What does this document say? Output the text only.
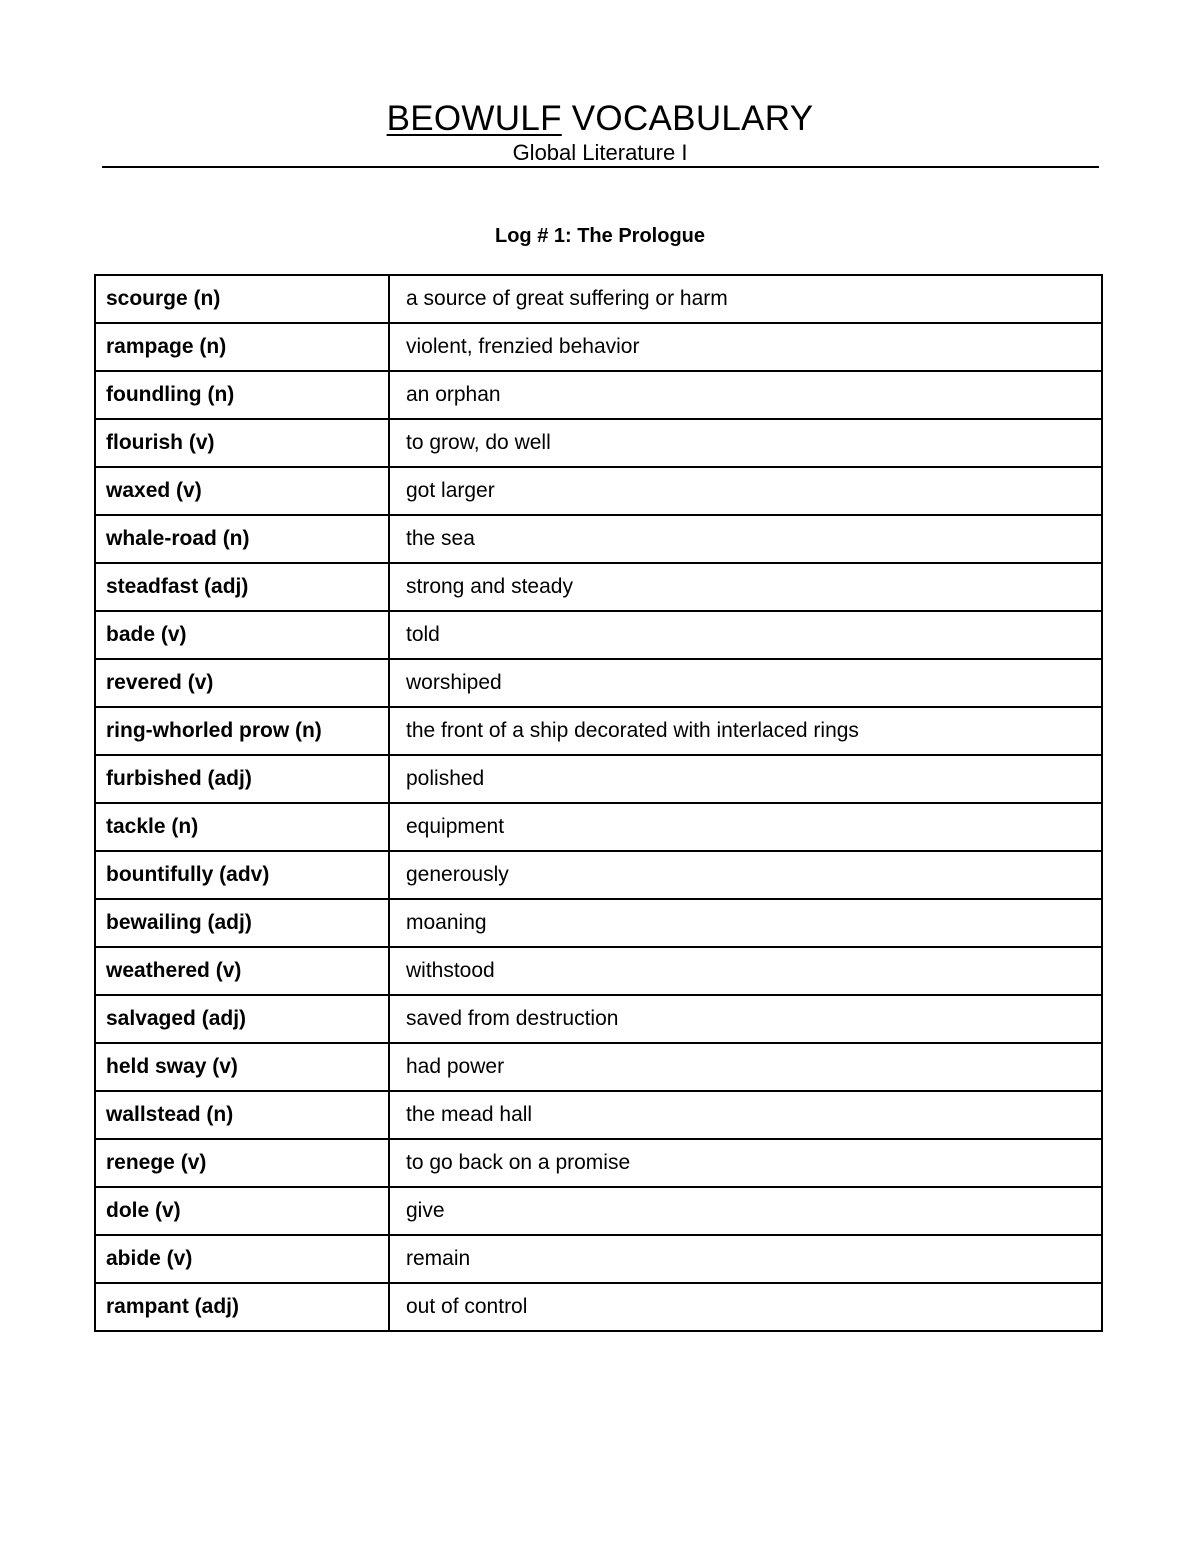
BEOWULF VOCABULARY
Global Literature I
Log # 1: The Prologue
scourge (n)	a source of great suffering or harm
rampage (n)	violent, frenzied behavior
foundling (n)	an orphan
flourish (v)	to grow, do well
waxed (v)	got larger
whale-road (n)	the sea
steadfast (adj)	strong and steady
bade (v)	told
revered (v)	worshiped
ring-whorled prow (n)	the front of a ship decorated with interlaced rings
furbished (adj)	polished
tackle (n)	equipment
bountifully (adv)	generously
bewailing (adj)	moaning
weathered (v)	withstood
salvaged (adj)	saved from destruction
held sway (v)	had power
wallstead (n)	the mead hall
renege (v)	to go back on a promise
dole (v)	give
abide (v)	remain
rampant (adj)	out of control
